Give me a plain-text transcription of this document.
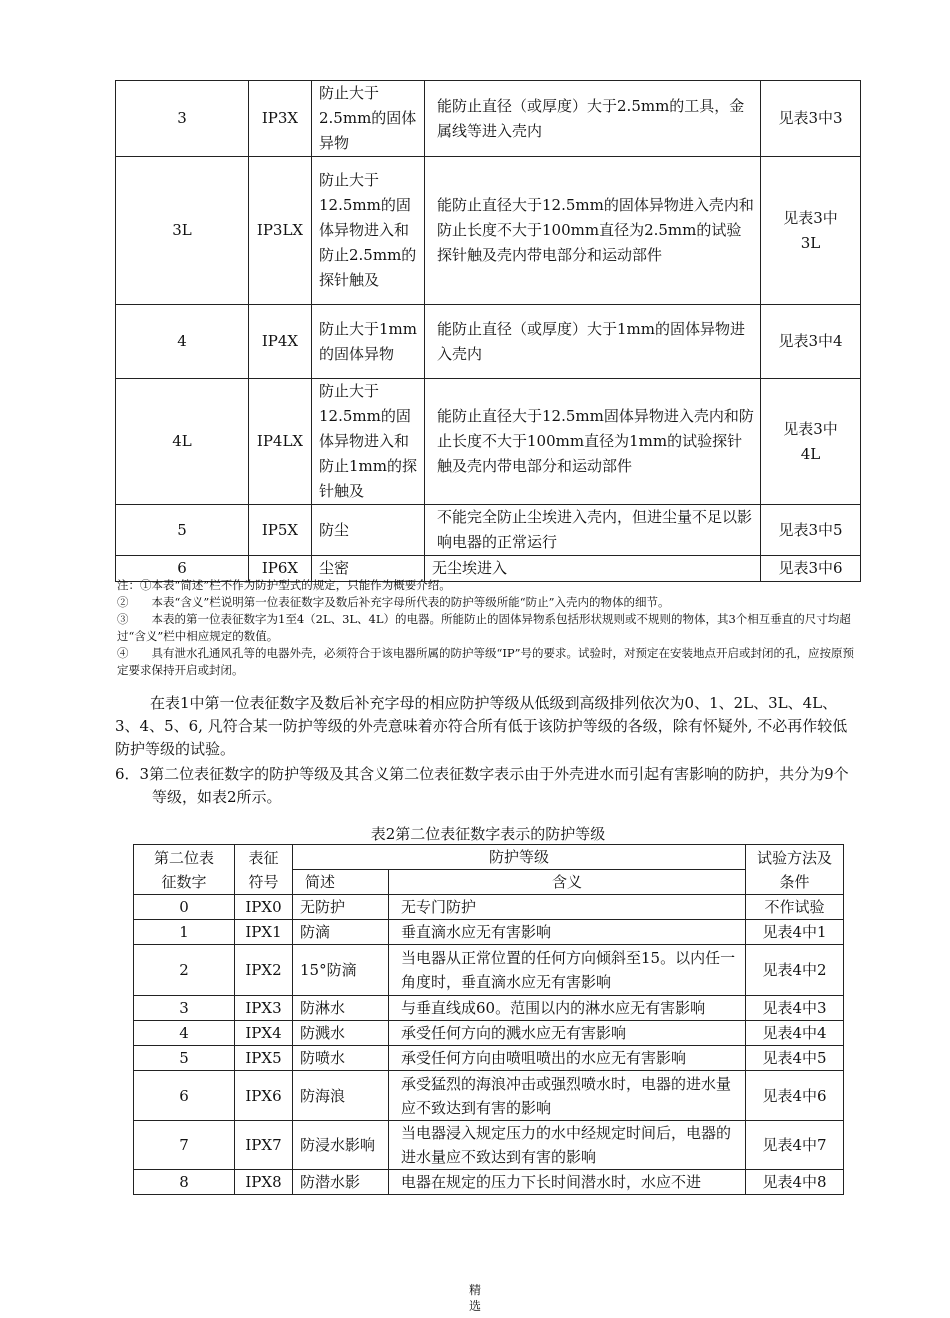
3	IP3X	防止大于2.5mm的固体异物	能防止直径（或厚度）大于2.5mm的工具，金属线等进入壳内	见表3中3
3L	IP3LX	防止大于12.5mm的固体异物进入和防止2.5mm的探针触及	能防止直径大于12.5mm的固体异物进入壳内和防止长度不大于100mm直径为2.5mm的试验探针触及壳内带电部分和运动部件	见表3中3L
4	IP4X	防止大于1mm的固体异物	能防止直径（或厚度）大于1mm的固体异物进入壳内	见表3中4
4L	IP4LX	防止大于12.5mm的固体异物进入和防止1mm的探针触及	能防止直径大于12.5mm固体异物进入壳内和防止长度不大于100mm直径为1mm的试验探针触及壳内带电部分和运动部件	见表3中4L
5	IP5X	防尘	不能完全防止尘埃进入壳内，但进尘量不足以影响电器的正常运行	见表3中5
6	IP6X	尘密	无尘埃进入	见表3中6
注：①本表“简述”栏不作为防护型式的规定，只能作为概要介绍。
②　　本表“含义”栏说明第一位表征数字及数后补充字母所代表的防护等级所能“防止”入壳内的物体的细节。
③　　本表的第一位表征数字为1至4（2L、3L、4L）的电器。所能防止的固体异物系包括形状规则或不规则的物体，其3个相互垂直的尺寸均超过“含义”栏中相应规定的数值。
④　　具有泄水孔通风孔等的电器外壳，必须符合于该电器所属的防护等级“IP”号的要求。试验时，对预定在安装地点开启或封闭的孔，应按原预定要求保持开启或封闭。
在表1中第一位表征数字及数后补充字母的相应防护等级从低级到高级排列依次为0、1、2L、3L、4L、3、4、5、6, 凡符合某一防护等级的外壳意味着亦符合所有低于该防护等级的各级，除有怀疑外, 不必再作较低防护等级的试验。
6．3第二位表征数字的防护等级及其含义第二位表征数字表示由于外壳进水而引起有害影响的防护，共分为9个等级，如表2所示。
表2第二位表征数字表示的防护等级
第二位表征数字	表征符号	防护等级		试验方法及条件
		简述	含义	
0	IPX0	无防护	无专门防护	不作试验
1	IPX1	防滴	垂直滴水应无有害影响	见表4中1
2	IPX2	15°防滴	当电器从正常位置的任何方向倾斜至15。以内任一角度时，垂直滴水应无有害影响	见表4中2
3	IPX3	防淋水	与垂直线成60。范围以内的淋水应无有害影响	见表4中3
4	IPX4	防溅水	承受任何方向的溅水应无有害影响	见表4中4
5	IPX5	防喷水	承受任何方向由喷咀喷出的水应无有害影响	见表4中5
6	IPX6	防海浪	承受猛烈的海浪冲击或强烈喷水时，电器的进水量应不致达到有害的影响	见表4中6
7	IPX7	防浸水影响	当电器浸入规定压力的水中经规定时间后，电器的进水量应不致达到有害的影响	见表4中7
8	IPX8	防潜水影	电器在规定的压力下长时间潜水时，水应不进	见表4中8
精选
